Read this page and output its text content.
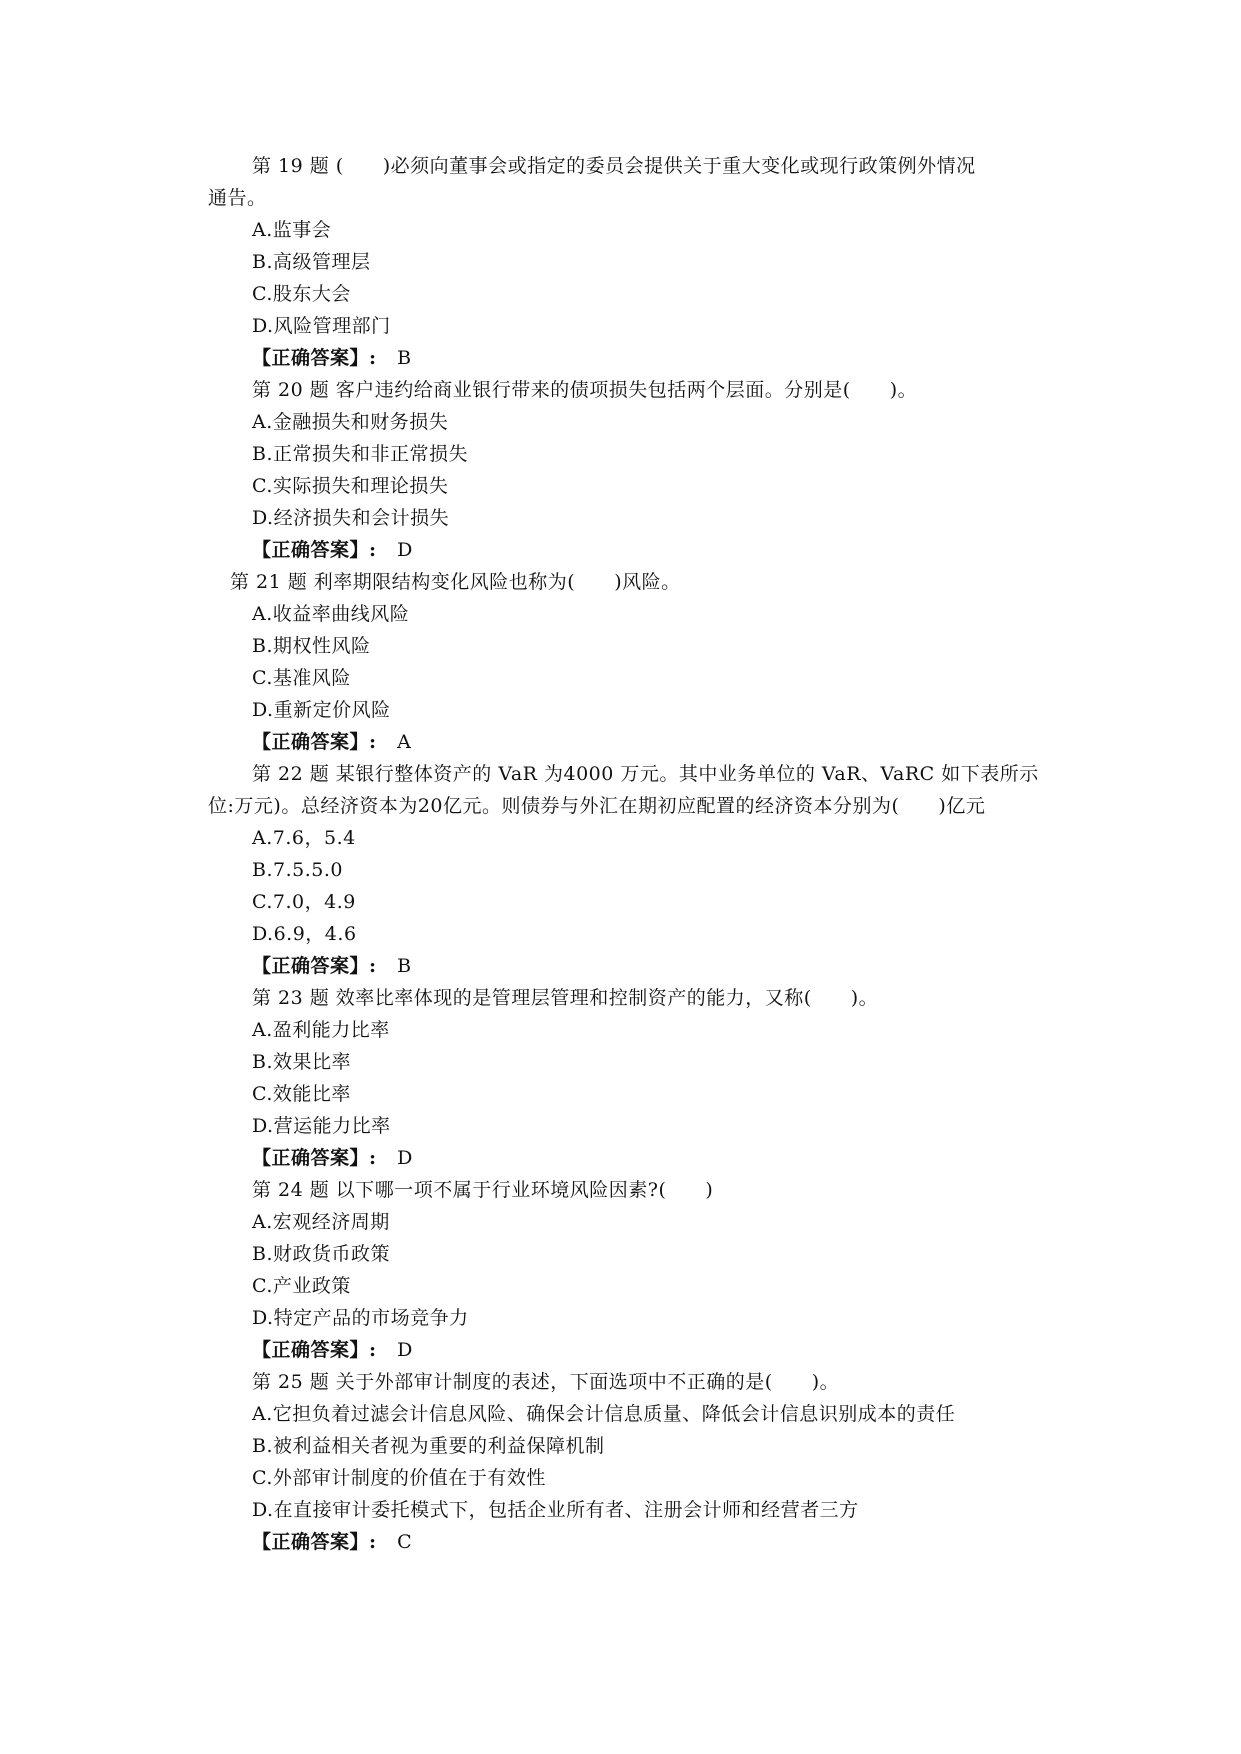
第 19 题 (　　)必须向董事会或指定的委员会提供关于重大变化或现行政策例外情况
通告。
A.监事会
B.高级管理层
C.股东大会
D.风险管理部门
【正确答案】: B
第 20 题 客户违约给商业银行带来的债项损失包括两个层面。分别是(　　)。
A.金融损失和财务损失
B.正常损失和非正常损失
C.实际损失和理论损失
D.经济损失和会计损失
【正确答案】: D
第 21 题 利率期限结构变化风险也称为(　　)风险。
A.收益率曲线风险
B.期权性风险
C.基准风险
D.重新定价风险
【正确答案】: A
第 22 题 某银行整体资产的 VaR 为4000 万元。其中业务单位的 VaR、VaRC 如下表所示
位:万元)。总经济资本为20亿元。则债券与外汇在期初应配置的经济资本分别为(　　)亿元
A.7.6，5.4
B.7.5.5.0
C.7.0，4.9
D.6.9，4.6
【正确答案】: B
第 23 题 效率比率体现的是管理层管理和控制资产的能力，又称(　　)。
A.盈利能力比率
B.效果比率
C.效能比率
D.营运能力比率
【正确答案】: D
第 24 题 以下哪一项不属于行业环境风险因素?(　　)
A.宏观经济周期
B.财政货币政策
C.产业政策
D.特定产品的市场竞争力
【正确答案】: D
第 25 题 关于外部审计制度的表述，下面选项中不正确的是(　　)。
A.它担负着过滤会计信息风险、确保会计信息质量、降低会计信息识别成本的责任
B.被利益相关者视为重要的利益保障机制
C.外部审计制度的价值在于有效性
D.在直接审计委托模式下，包括企业所有者、注册会计师和经营者三方
【正确答案】: C
